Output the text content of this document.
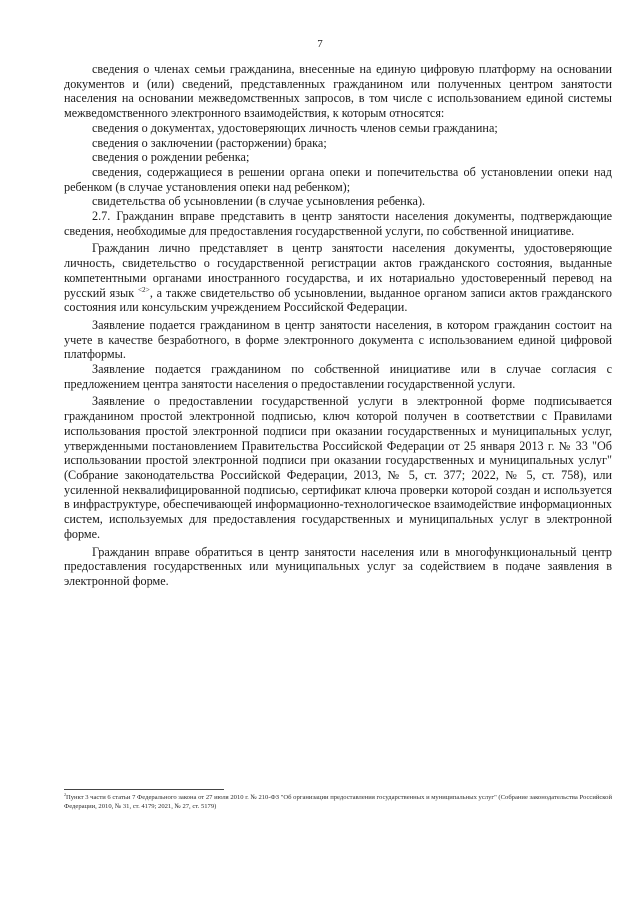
7

сведения о членах семьи гражданина, внесенные на единую цифровую платформу на основании документов и (или) сведений, представленных гражданином или полученных центром занятости населения на основании межведомственных запросов, в том числе с использованием единой системы межведомственного электронного взаимодействия, к которым относятся:

сведения о документах, удостоверяющих личность членов семьи гражданина;

сведения о заключении (расторжении) брака;

сведения о рождении ребенка;

сведения, содержащиеся в решении органа опеки и попечительства об установлении опеки над ребенком (в случае установления опеки над ребенком);

свидетельства об усыновлении (в случае усыновления ребенка).

2.7. Гражданин вправе представить в центр занятости населения документы, подтверждающие сведения, необходимые для предоставления государственной услуги, по собственной инициативе.

Гражданин лично представляет в центр занятости населения документы, удостоверяющие личность, свидетельство о государственной регистрации актов гражданского состояния, выданные компетентными органами иностранного государства, и их нотариально удостоверенный перевод на русский язык $^{<2>}$, а также свидетельство об усыновлении, выданное органом записи актов гражданского состояния или консульским учреждением Российской Федерации.

Заявление подается гражданином в центр занятости населения, в котором гражданин состоит на учете в качестве безработного, в форме электронного документа с использованием единой цифровой платформы.

Заявление подается гражданином по собственной инициативе или в случае согласия с предложением центра занятости населения о предоставлении государственной услуги.

Заявление о предоставлении государственной услуги в электронной форме подписывается гражданином простой электронной подписью, ключ которой получен в соответствии с Правилами использования простой электронной подписи при оказании государственных и муниципальных услуг, утвержденными постановлением Правительства Российской Федерации от 25 января 2013 г. № 33 "Об использовании простой электронной подписи при оказании государственных и муниципальных услуг" (Собрание законодательства Российской Федерации, 2013, № 5, ст. 377; 2022, № 5, ст. 758), или усиленной неквалифицированной подписью, сертификат ключа проверки которой создан и используется в инфраструктуре, обеспечивающей информационно-технологическое взаимодействие информационных систем, используемых для предоставления государственных и муниципальных услуг в электронной форме.

Гражданин вправе обратиться в центр занятости населения или в многофункциональный центр предоставления государственных или муниципальных услуг за содействием в подаче заявления в электронной форме.

$^2$Пункт 3 части 6 статьи 7 Федерального закона от 27 июля 2010 г. № 210-ФЗ "Об организации предоставления государственных и муниципальных услуг" (Собрание законодательства Российской Федерации, 2010, № 31, ст. 4179; 2021, № 27, ст. 5179)
